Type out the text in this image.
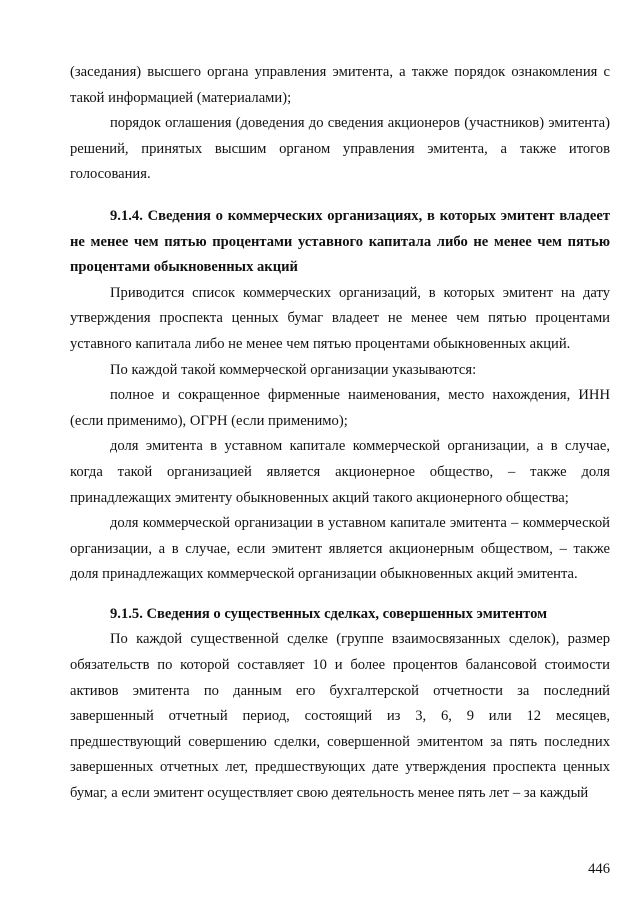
(заседания) высшего органа управления эмитента, а также порядок ознакомления с такой информацией (материалами);

порядок оглашения (доведения до сведения акционеров (участников) эмитента) решений, принятых высшим органом управления эмитента, а также итогов голосования.

9.1.4. Сведения о коммерческих организациях, в которых эмитент владеет не менее чем пятью процентами уставного капитала либо не менее чем пятью процентами обыкновенных акций

Приводится список коммерческих организаций, в которых эмитент на дату утверждения проспекта ценных бумаг владеет не менее чем пятью процентами уставного капитала либо не менее чем пятью процентами обыкновенных акций.

По каждой такой коммерческой организации указываются:

полное и сокращенное фирменные наименования, место нахождения, ИНН (если применимо), ОГРН (если применимо);

доля эмитента в уставном капитале коммерческой организации, а в случае, когда такой организацией является акционерное общество, – также доля принадлежащих эмитенту обыкновенных акций такого акционерного общества;

доля коммерческой организации в уставном капитале эмитента – коммерческой организации, а в случае, если эмитент является акционерным обществом, – также доля принадлежащих коммерческой организации обыкновенных акций эмитента.

9.1.5. Сведения о существенных сделках, совершенных эмитентом

По каждой существенной сделке (группе взаимосвязанных сделок), размер обязательств по которой составляет 10 и более процентов балансовой стоимости активов эмитента по данным его бухгалтерской отчетности за последний завершенный отчетный период, состоящий из 3, 6, 9 или 12 месяцев, предшествующий совершению сделки, совершенной эмитентом за пять последних завершенных отчетных лет, предшествующих дате утверждения проспекта ценных бумаг, а если эмитент осуществляет свою деятельность менее пять лет – за каждый

446
